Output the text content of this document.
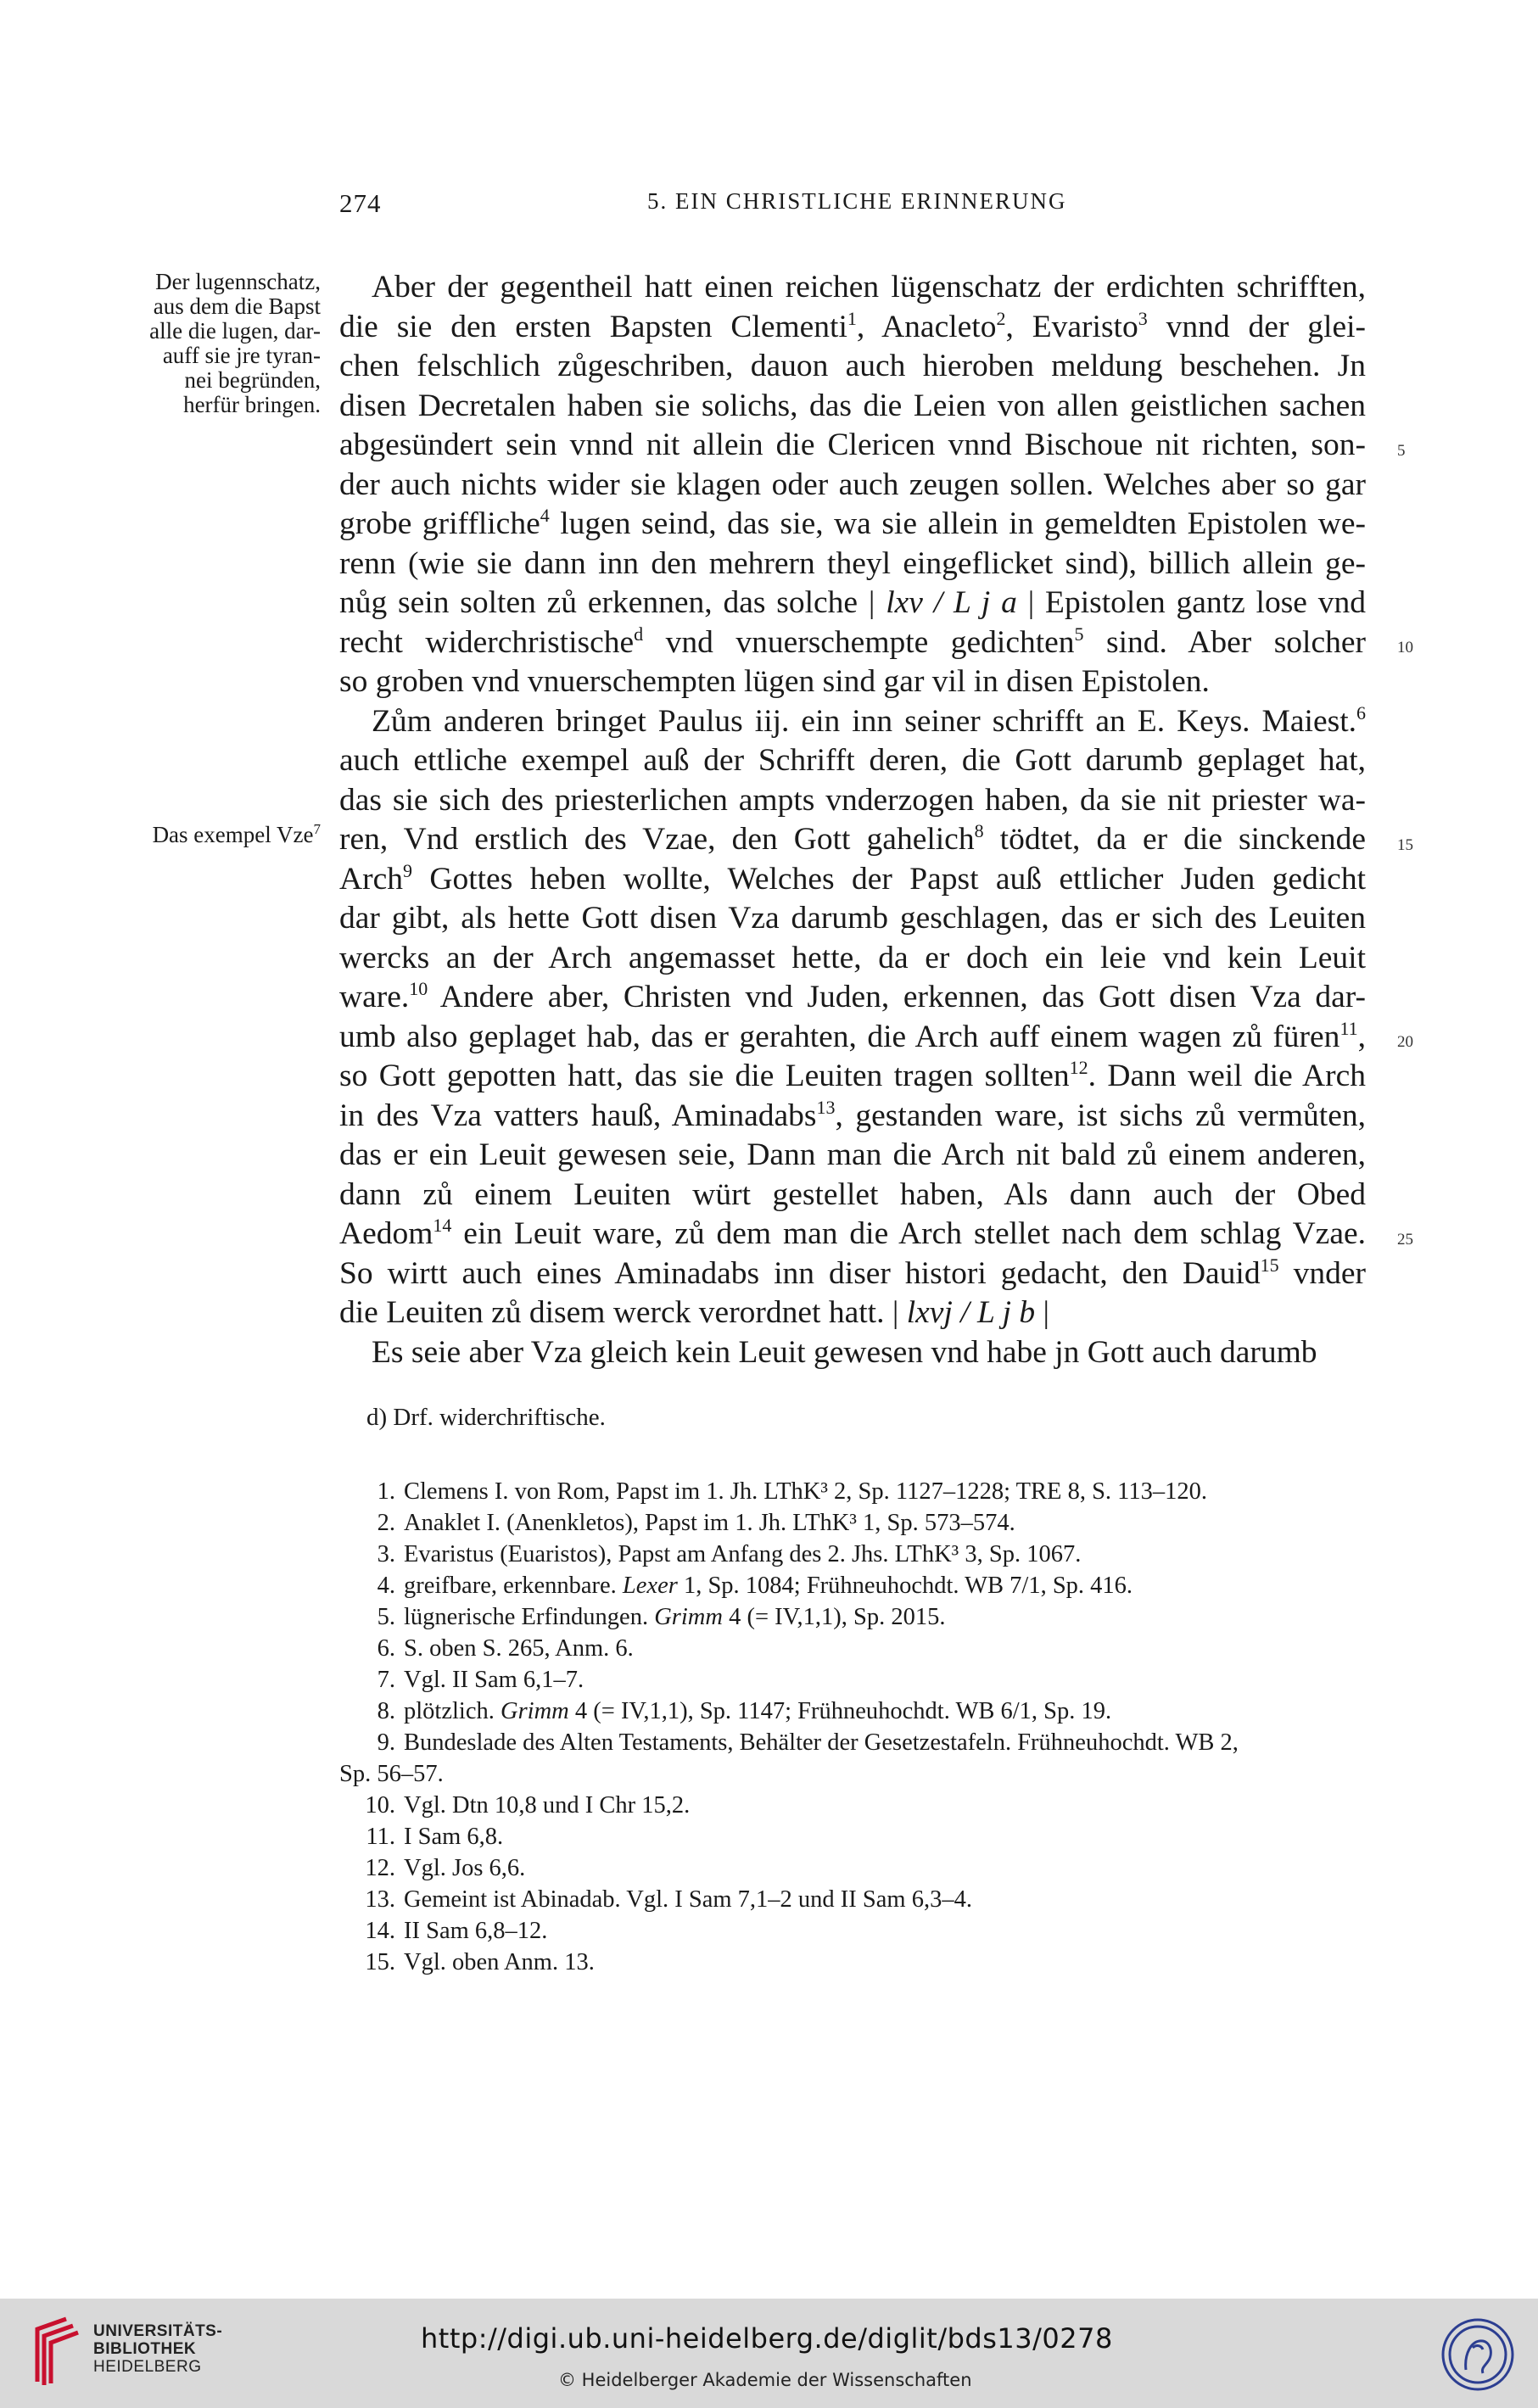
274	5. EIN CHRISTLICHE ERINNERUNG
Der lugennschatz,
aus dem die Bapst
alle die lugen, dar-
auff sie jre tyran-
nei begründen,
herfür bringen.
Das exempel Vze$^7$
Aber der gegentheil hatt einen reichen lügenschatz der erdichten schrifften,
die sie den ersten Bapsten Clementi$^1$, Anacleto$^2$, Evaristo$^3$ vnnd der glei-
chen felschlich zůgeschriben, dauon auch hieroben meldung beschehen. Jn
disen Decretalen haben sie solichs, das die Leien von allen geistlichen sachen
abgesündert sein vnnd nit allein die Clericen vnnd Bischoue nit richten, son-
der auch nichts wider sie klagen oder auch zeugen sollen. Welches aber so gar
grobe griffliche$^4$ lugen seind, das sie, wa sie allein in gemeldten Epistolen we-
renn (wie sie dann inn den mehrern theyl eingeflicket sind), billich allein ge-
nůg sein solten zů erkennen, das solche | lxv / L j a | Epistolen gantz lose vnd
recht widerchristische$^d$ vnd vnuerschempte gedichten$^5$ sind. Aber solcher
so groben vnd vnuerschempten lügen sind gar vil in disen Epistolen.
Zům anderen bringet Paulus iij. ein inn seiner schrifft an E. Keys. Maiest.$^6$
auch ettliche exempel auß der Schrifft deren, die Gott darumb geplaget hat,
das sie sich des priesterlichen ampts vnderzogen haben, da sie nit priester wa-
ren, Vnd erstlich des Vzae, den Gott gahelich$^8$ tödtet, da er die sinckende
Arch$^9$ Gottes heben wollte, Welches der Papst auß ettlicher Juden gedicht
dar gibt, als hette Gott disen Vza darumb geschlagen, das er sich des Leuiten
wercks an der Arch angemasset hette, da er doch ein leie vnd kein Leuit
ware.$^{10}$ Andere aber, Christen vnd Juden, erkennen, das Gott disen Vza dar-
umb also geplaget hab, das er gerahten, die Arch auff einem wagen zů füren$^{11}$,
so Gott gepotten hatt, das sie die Leuiten tragen sollten$^{12}$. Dann weil die Arch
in des Vza vatters hauß, Aminadabs$^{13}$, gestanden ware, ist sichs zů vermůten,
das er ein Leuit gewesen seie, Dann man die Arch nit bald zů einem anderen,
dann zů einem Leuiten würt gestellet haben, Als dann auch der Obed
Aedom$^{14}$ ein Leuit ware, zů dem man die Arch stellet nach dem schlag Vzae.
So wirtt auch eines Aminadabs inn diser histori gedacht, den Dauid$^{15}$ vnder
die Leuiten zů disem werck verordnet hatt. | lxvj / L j b |
Es seie aber Vza gleich kein Leuit gewesen vnd habe jn Gott auch darumb
5
10
15
20
25
d) Drf. widerchriftische.
1. Clemens I. von Rom, Papst im 1. Jh. LThK³ 2, Sp. 1127–1228; TRE 8, S. 113–120.
2. Anaklet I. (Anenkletos), Papst im 1. Jh. LThK³ 1, Sp. 573–574.
3. Evaristus (Euaristos), Papst am Anfang des 2. Jhs. LThK³ 3, Sp. 1067.
4. greifbare, erkennbare. Lexer 1, Sp. 1084; Frühneuhochdt. WB 7/1, Sp. 416.
5. lügnerische Erfindungen. Grimm 4 (= IV,1,1), Sp. 2015.
6. S. oben S. 265, Anm. 6.
7. Vgl. II Sam 6,1–7.
8. plötzlich. Grimm 4 (= IV,1,1), Sp. 1147; Frühneuhochdt. WB 6/1, Sp. 19.
9. Bundeslade des Alten Testaments, Behälter der Gesetzestafeln. Frühneuhochdt. WB 2,
Sp. 56–57.
10. Vgl. Dtn 10,8 und I Chr 15,2.
11. I Sam 6,8.
12. Vgl. Jos 6,6.
13. Gemeint ist Abinadab. Vgl. I Sam 7,1–2 und II Sam 6,3–4.
14. II Sam 6,8–12.
15. Vgl. oben Anm. 13.
UNIVERSITÄTS-
BIBLIOTHEK
HEIDELBERG
http://digi.ub.uni-heidelberg.de/diglit/bds13/0278
© Heidelberger Akademie der Wissenschaften
